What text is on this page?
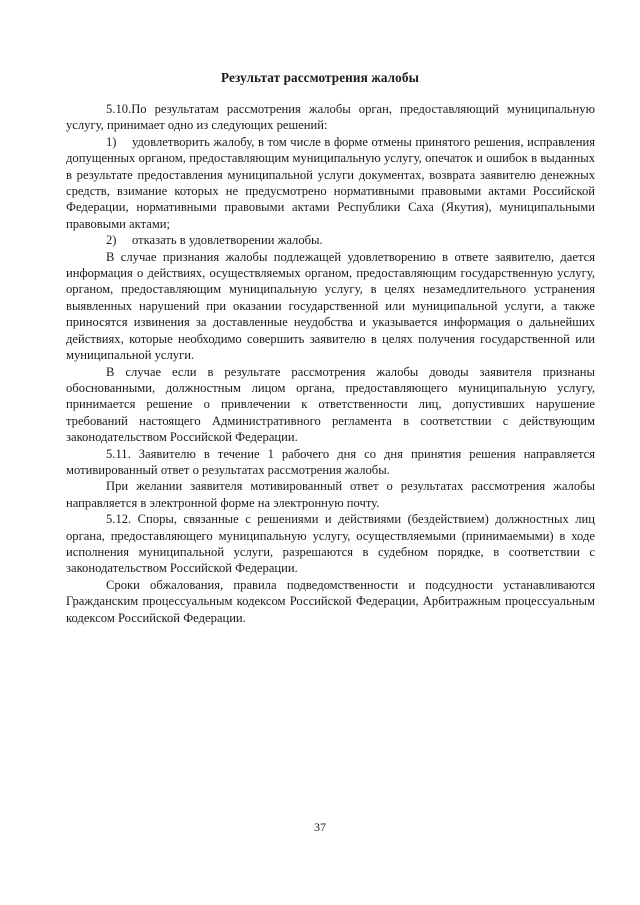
Результат рассмотрения жалобы

5.10.По результатам рассмотрения жалобы орган, предоставляющий муниципальную услугу, принимает одно из следующих решений:

1) удовлетворить жалобу, в том числе в форме отмены принятого решения, исправления допущенных органом, предоставляющим муниципальную услугу, опечаток и ошибок в выданных в результате предоставления муниципальной услуги документах, возврата заявителю денежных средств, взимание которых не предусмотрено нормативными правовыми актами Российской Федерации, нормативными правовыми актами Республики Саха (Якутия), муниципальными правовыми актами;

2) отказать в удовлетворении жалобы.

В случае признания жалобы подлежащей удовлетворению в ответе заявителю, дается информация о действиях, осуществляемых органом, предоставляющим государственную услугу, органом, предоставляющим муниципальную услугу, в целях незамедлительного устранения выявленных нарушений при оказании государственной или муниципальной услуги, а также приносятся извинения за доставленные неудобства и указывается информация о дальнейших действиях, которые необходимо совершить заявителю в целях получения государственной или муниципальной услуги.

В случае если в результате рассмотрения жалобы доводы заявителя признаны обоснованными, должностным лицом органа, предоставляющего муниципальную услугу, принимается решение о привлечении к ответственности лиц, допустивших нарушение требований настоящего Административного регламента в соответствии с действующим законодательством Российской Федерации.

5.11. Заявителю в течение 1 рабочего дня со дня принятия решения направляется мотивированный ответ о результатах рассмотрения жалобы.

При желании заявителя мотивированный ответ о результатах рассмотрения жалобы направляется в электронной форме на электронную почту.

5.12. Споры, связанные с решениями и действиями (бездействием) должностных лиц органа, предоставляющего муниципальную услугу, осуществляемыми (принимаемыми) в ходе исполнения муниципальной услуги, разрешаются в судебном порядке, в соответствии с законодательством Российской Федерации.

Сроки обжалования, правила подведомственности и подсудности устанавливаются Гражданским процессуальным кодексом Российской Федерации, Арбитражным процессуальным кодексом Российской Федерации.

37
